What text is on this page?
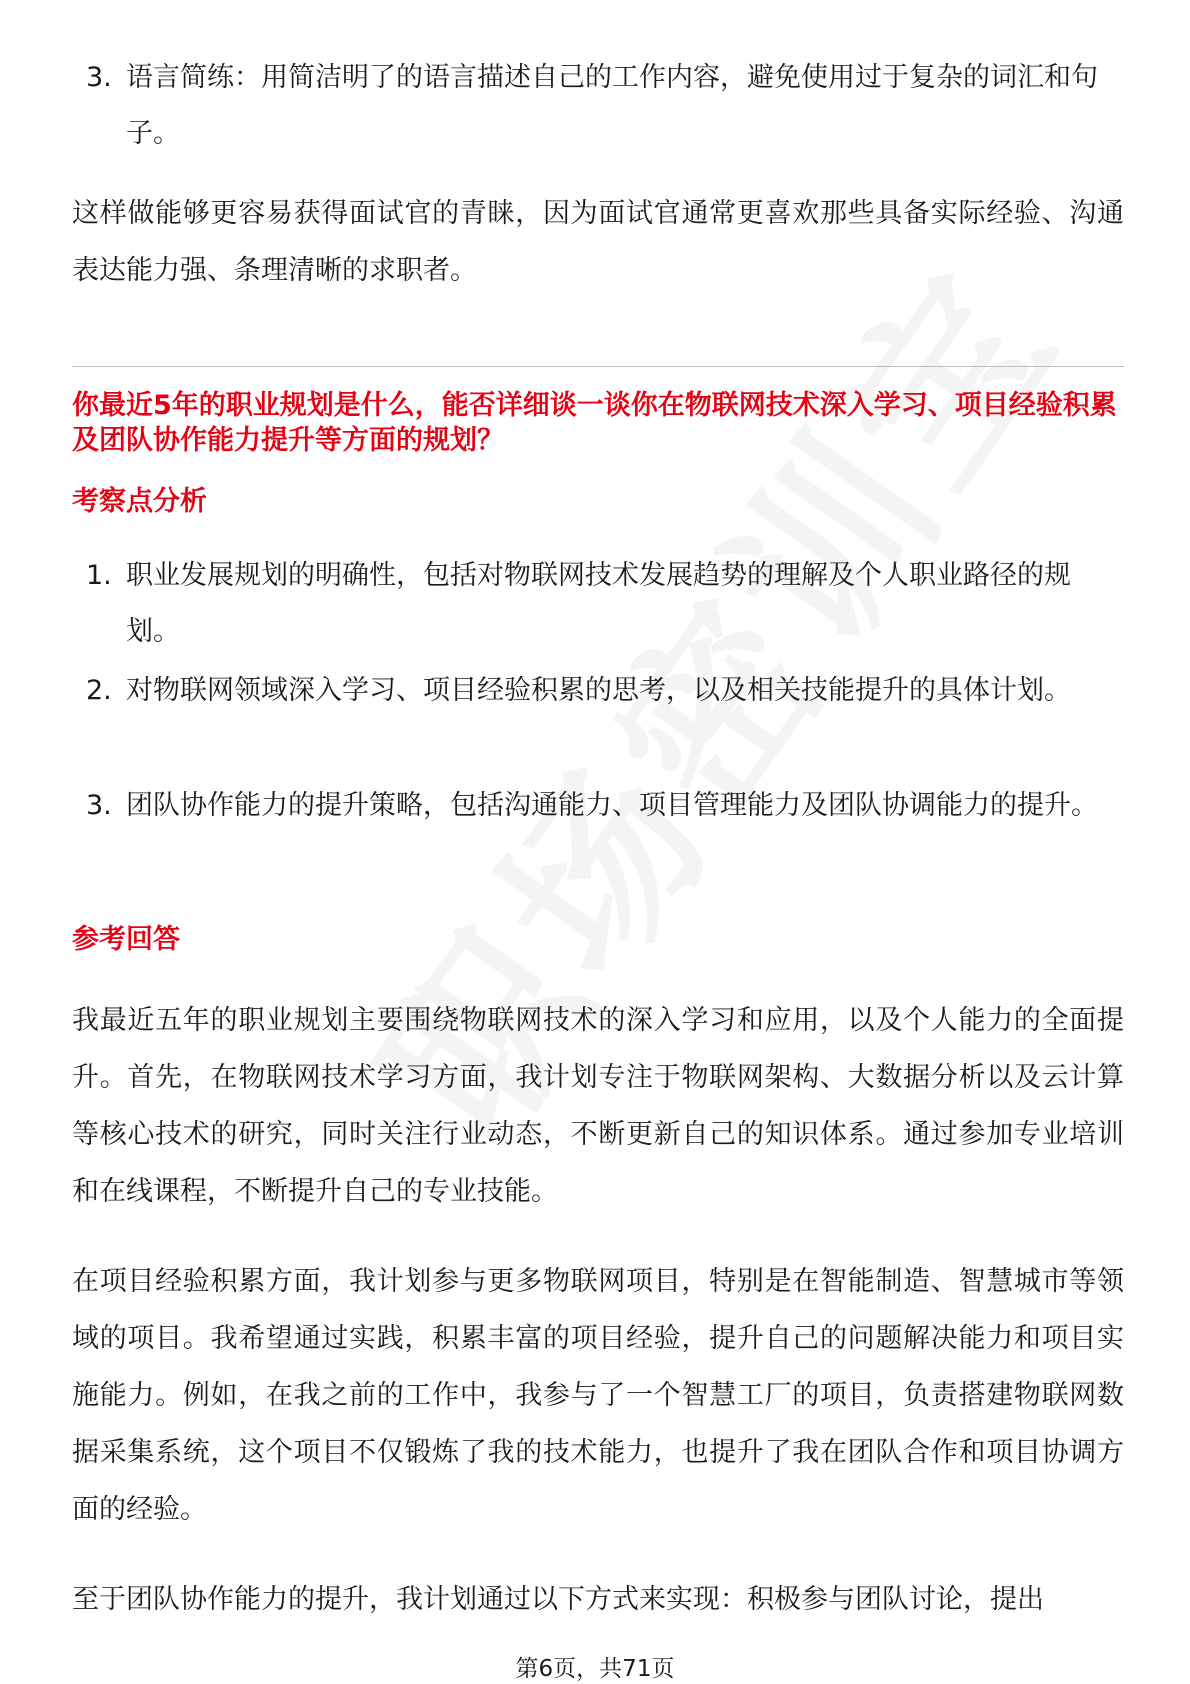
3. 语言简练：用简洁明了的语言描述自己的工作内容，避免使用过于复杂的词汇和句子。
这样做能够更容易获得面试官的青睐，因为面试官通常更喜欢那些具备实际经验、沟通表达能力强、条理清晰的求职者。
你最近5年的职业规划是什么，能否详细谈一谈你在物联网技术深入学习、项目经验积累及团队协作能力提升等方面的规划？
考察点分析
1. 职业发展规划的明确性，包括对物联网技术发展趋势的理解及个人职业路径的规划。
2. 对物联网领域深入学习、项目经验积累的思考，以及相关技能提升的具体计划。
3. 团队协作能力的提升策略，包括沟通能力、项目管理能力及团队协调能力的提升。
参考回答
我最近五年的职业规划主要围绕物联网技术的深入学习和应用，以及个人能力的全面提升。首先，在物联网技术学习方面，我计划专注于物联网架构、大数据分析以及云计算等核心技术的研究，同时关注行业动态，不断更新自己的知识体系。通过参加专业培训和在线课程，不断提升自己的专业技能。
在项目经验积累方面，我计划参与更多物联网项目，特别是在智能制造、智慧城市等领域的项目。我希望通过实践，积累丰富的项目经验，提升自己的问题解决能力和项目实施能力。例如，在我之前的工作中，我参与了一个智慧工厂的项目，负责搭建物联网数据采集系统，这个项目不仅锻炼了我的技术能力，也提升了我在团队合作和项目协调方面的经验。
至于团队协作能力的提升，我计划通过以下方式来实现：积极参与团队讨论，提出
第6页，共71页
